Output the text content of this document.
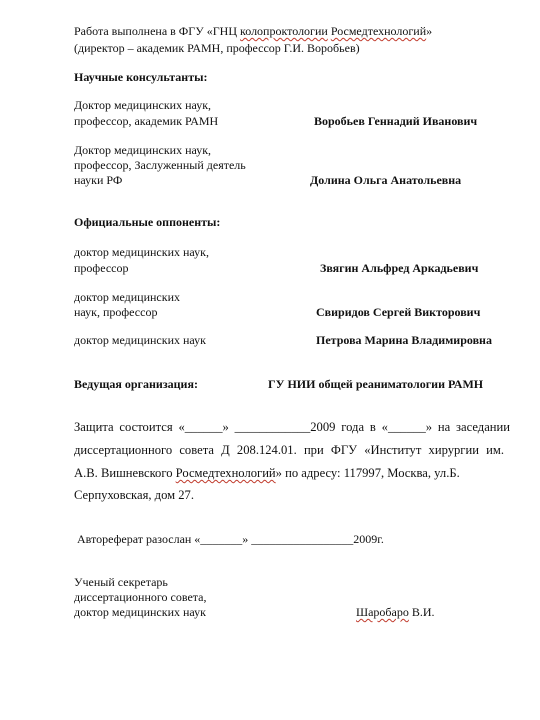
Работа выполнена в ФГУ «ГНЦ колопроктологии Росмедтехнологий»
(директор – академик РАМН, профессор Г.И. Воробьев)
Научные консультанты:
Доктор медицинских наук,
профессор, академик РАМН	Воробьев Геннадий Иванович
Доктор медицинских наук,
профессор, Заслуженный деятель
науки РФ	Долина Ольга Анатольевна
Официальные оппоненты:
доктор медицинских наук,
профессор	Звягин Альфред Аркадьевич
доктор медицинских
наук, профессор	Свиридов Сергей Викторович
доктор медицинских наук	Петрова Марина Владимировна
Ведущая организация:	ГУ НИИ общей реаниматологии РАМН
Защита состоится «______» ____________2009 года в «______» на заседании
диссертационного совета Д 208.124.01. при ФГУ «Институт хирургии им.
А.В. Вишневского Росмедтехнологий» по адресу: 117997, Москва, ул.Б.
Серпуховская, дом 27.
Автореферат разослан «_______» _________________2009г.
Ученый секретарь
диссертационного совета,
доктор медицинских наук	Шаробаро В.И.
